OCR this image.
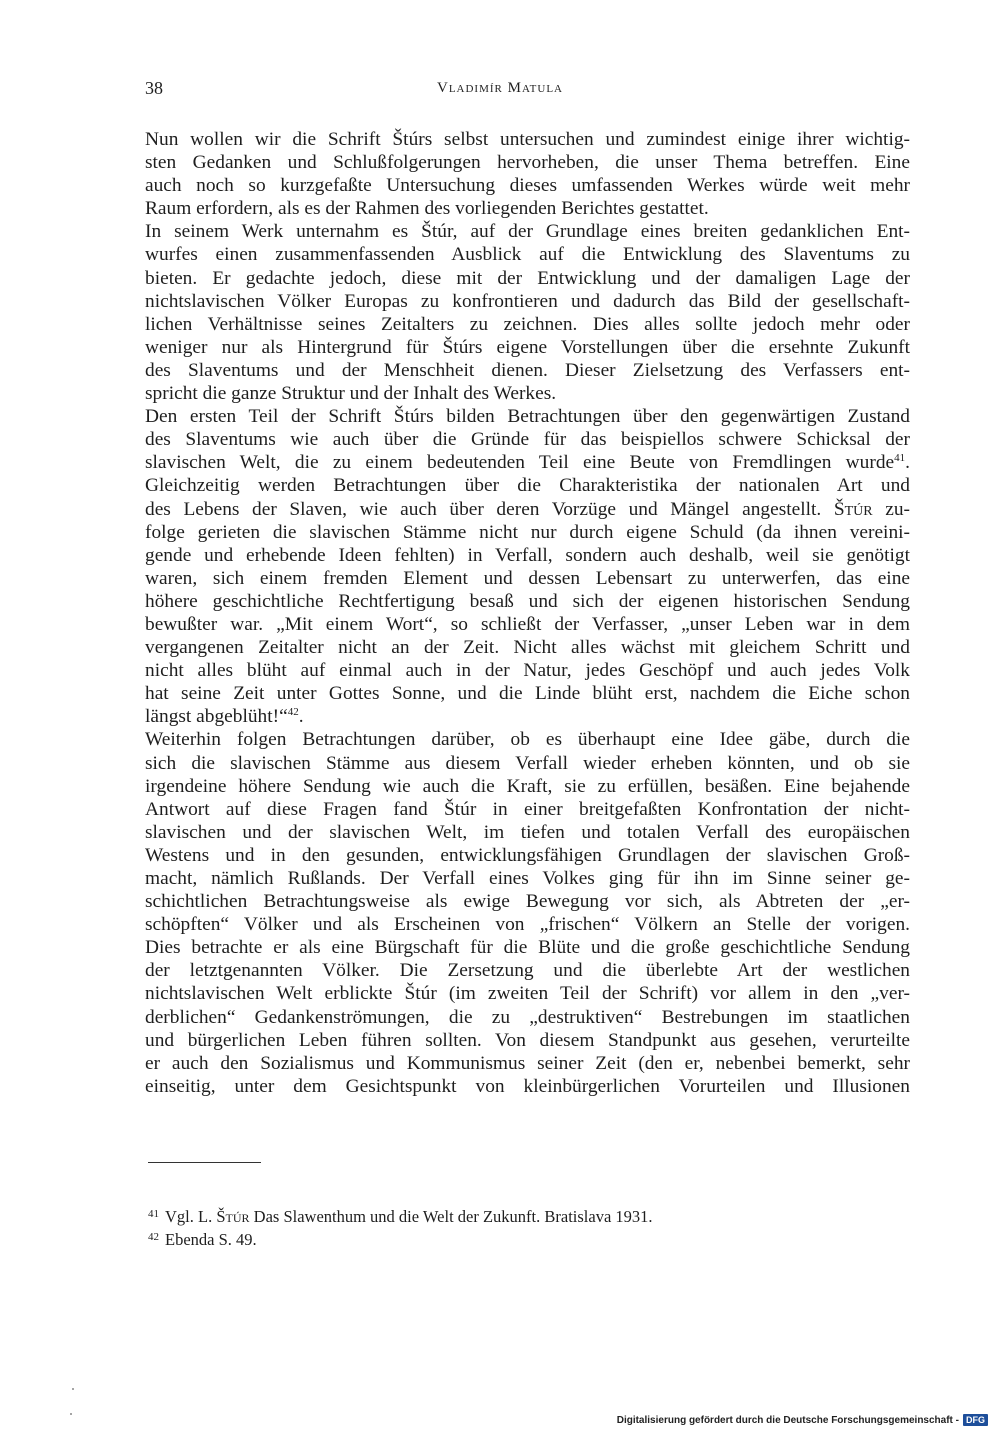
38	Vladimír Matula

Nun wollen wir die Schrift Štúrs selbst untersuchen und zumindest einige ihrer wichtig-

sten Gedanken und Schlußfolgerungen hervorheben, die unser Thema betreffen. Eine

auch noch so kurzgefaßte Untersuchung dieses umfassenden Werkes würde weit mehr

Raum erfordern, als es der Rahmen des vorliegenden Berichtes gestattet.

In seinem Werk unternahm es Štúr, auf der Grundlage eines breiten gedanklichen Ent-

wurfes einen zusammenfassenden Ausblick auf die Entwicklung des Slaventums zu

bieten. Er gedachte jedoch, diese mit der Entwicklung und der damaligen Lage der

nichtslavischen Völker Europas zu konfrontieren und dadurch das Bild der gesellschaft-

lichen Verhältnisse seines Zeitalters zu zeichnen. Dies alles sollte jedoch mehr oder

weniger nur als Hintergrund für Štúrs eigene Vorstellungen über die ersehnte Zukunft

des Slaventums und der Menschheit dienen. Dieser Zielsetzung des Verfassers ent-

spricht die ganze Struktur und der Inhalt des Werkes.

Den ersten Teil der Schrift Štúrs bilden Betrachtungen über den gegenwärtigen Zustand

des Slaventums wie auch über die Gründe für das beispiellos schwere Schicksal der

slavischen Welt, die zu einem bedeutenden Teil eine Beute von Fremdlingen wurde$^{41}$.

Gleichzeitig werden Betrachtungen über die Charakteristika der nationalen Art und

des Lebens der Slaven, wie auch über deren Vorzüge und Mängel angestellt. Štúr zu-

folge gerieten die slavischen Stämme nicht nur durch eigene Schuld (da ihnen vereini-

gende und erhebende Ideen fehlten) in Verfall, sondern auch deshalb, weil sie genötigt

waren, sich einem fremden Element und dessen Lebensart zu unterwerfen, das eine

höhere geschichtliche Rechtfertigung besaß und sich der eigenen historischen Sendung

bewußter war. „Mit einem Wort“, so schließt der Verfasser, „unser Leben war in dem

vergangenen Zeitalter nicht an der Zeit. Nicht alles wächst mit gleichem Schritt und

nicht alles blüht auf einmal auch in der Natur, jedes Geschöpf und auch jedes Volk

hat seine Zeit unter Gottes Sonne, und die Linde blüht erst, nachdem die Eiche schon

längst abgeblüht!“$^{42}$.

Weiterhin folgen Betrachtungen darüber, ob es überhaupt eine Idee gäbe, durch die

sich die slavischen Stämme aus diesem Verfall wieder erheben könnten, und ob sie

irgendeine höhere Sendung wie auch die Kraft, sie zu erfüllen, besäßen. Eine bejahende

Antwort auf diese Fragen fand Štúr in einer breitgefaßten Konfrontation der nicht-

slavischen und der slavischen Welt, im tiefen und totalen Verfall des europäischen

Westens und in den gesunden, entwicklungsfähigen Grundlagen der slavischen Groß-

macht, nämlich Rußlands. Der Verfall eines Volkes ging für ihn im Sinne seiner ge-

schichtlichen Betrachtungsweise als ewige Bewegung vor sich, als Abtreten der „er-

schöpften“ Völker und als Erscheinen von „frischen“ Völkern an Stelle der vorigen.

Dies betrachte er als eine Bürgschaft für die Blüte und die große geschichtliche Sendung

der letztgenannten Völker. Die Zersetzung und die überlebte Art der westlichen

nichtslavischen Welt erblickte Štúr (im zweiten Teil der Schrift) vor allem in den „ver-

derblichen“ Gedankenströmungen, die zu „destruktiven“ Bestrebungen im staatlichen

und bürgerlichen Leben führen sollten. Von diesem Standpunkt aus gesehen, verurteilte

er auch den Sozialismus und Kommunismus seiner Zeit (den er, nebenbei bemerkt, sehr

einseitig, unter dem Gesichtspunkt von kleinbürgerlichen Vorurteilen und Illusionen

$^{41}$ Vgl. L. Štúr Das Slawenthum und die Welt der Zukunft. Bratislava 1931.
$^{42}$ Ebenda S. 49.
Digitalisierung gefördert durch die Deutsche Forschungsgemeinschaft - DFG
